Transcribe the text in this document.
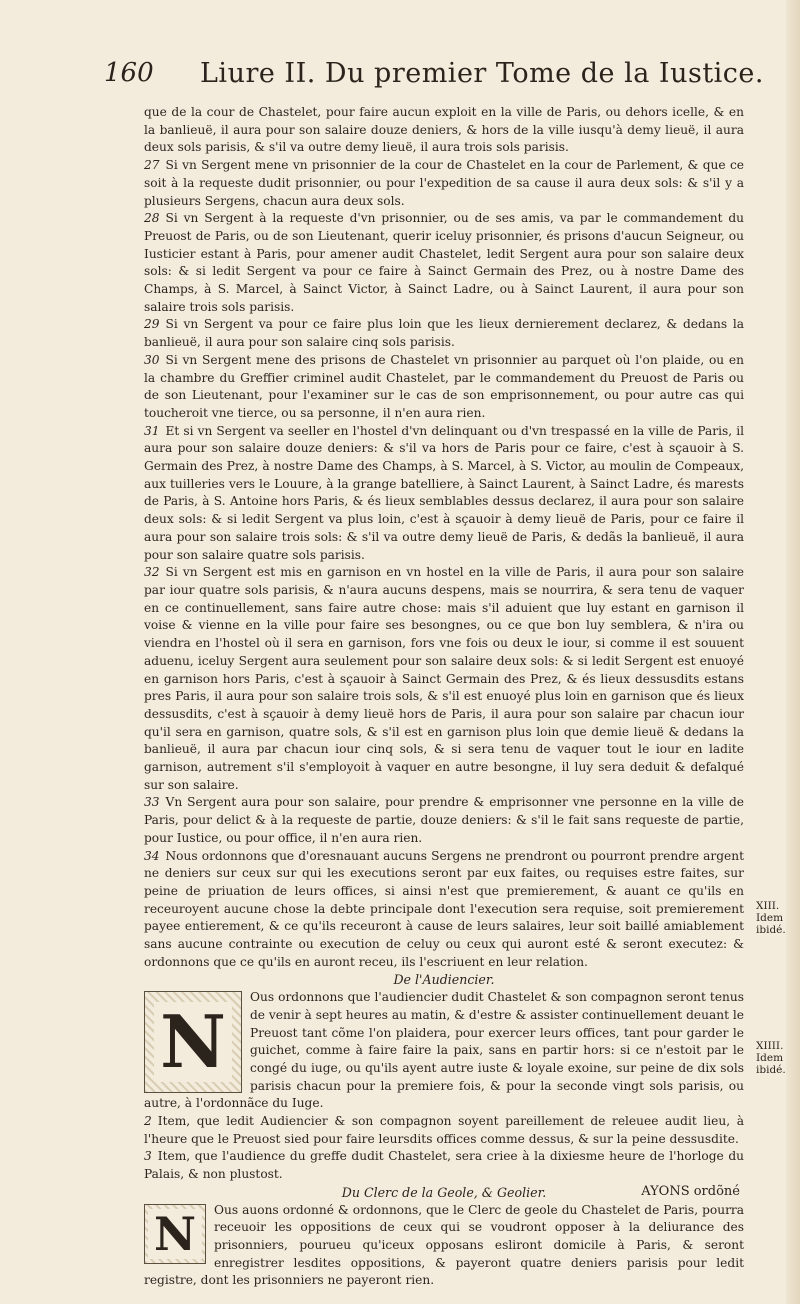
160 Liure II. Du premier Tome de la Iustice.

que de la cour de Chastelet, pour faire aucun exploit en la ville de Paris, ou dehors icelle, & en la banlieuë, il aura pour son salaire douze deniers, & hors de la ville iusqu'à demy lieuë, il aura deux sols parisis, & s'il va outre demy lieuë, il aura trois sols parisis.

27 Si vn Sergent mene vn prisonnier de la cour de Chastelet en la cour de Parlement, & que ce soit à la requeste dudit prisonnier, ou pour l'expedition de sa cause il aura deux sols: & s'il y a plusieurs Sergens, chacun aura deux sols.

28 Si vn Sergent à la requeste d'vn prisonnier, ou de ses amis, va par le commandement du Preuost de Paris, ou de son Lieutenant, querir iceluy prisonnier, és prisons d'aucun Seigneur, ou Iusticier estant à Paris, pour amener audit Chastelet, ledit Sergent aura pour son salaire deux sols: & si ledit Sergent va pour ce faire à Sainct Germain des Prez, ou à nostre Dame des Champs, à S. Marcel, à Sainct Victor, à Sainct Ladre, ou à Sainct Laurent, il aura pour son salaire trois sols parisis.

29 Si vn Sergent va pour ce faire plus loin que les lieux dernierement declarez, & dedans la banlieuë, il aura pour son salaire cinq sols parisis.

30 Si vn Sergent mene des prisons de Chastelet vn prisonnier au parquet où l'on plaide, ou en la chambre du Greffier criminel audit Chastelet, par le commandement du Preuost de Paris ou de son Lieutenant, pour l'examiner sur le cas de son emprisonnement, ou pour autre cas qui toucheroit vne tierce, ou sa personne, il n'en aura rien.

31 Et si vn Sergent va seeller en l'hostel d'vn delinquant ou d'vn trespassé en la ville de Paris, il aura pour son salaire douze deniers: & s'il va hors de Paris pour ce faire, c'est à sçauoir à S. Germain des Prez, à nostre Dame des Champs, à S. Marcel, à S. Victor, au moulin de Compeaux, aux tuilleries vers le Louure, à la grange batelliere, à Sainct Laurent, à Sainct Ladre, és marests de Paris, à S. Antoine hors Paris, & és lieux semblables dessus declarez, il aura pour son salaire deux sols: & si ledit Sergent va plus loin, c'est à sçauoir à demy lieuë de Paris, pour ce faire il aura pour son salaire trois sols: & s'il va outre demy lieuë de Paris, & dedãs la banlieuë, il aura pour son salaire quatre sols parisis.

32 Si vn Sergent est mis en garnison en vn hostel en la ville de Paris, il aura pour son salaire par iour quatre sols parisis, & n'aura aucuns despens, mais se nourrira, & sera tenu de vaquer en ce continuellement, sans faire autre chose: mais s'il aduient que luy estant en garnison il voise & vienne en la ville pour faire ses besongnes, ou ce que bon luy semblera, & n'ira ou viendra en l'hostel où il sera en garnison, fors vne fois ou deux le iour, si comme il est souuent aduenu, iceluy Sergent aura seulement pour son salaire deux sols: & si ledit Sergent est enuoyé en garnison hors Paris, c'est à sçauoir à Sainct Germain des Prez, & és lieux dessusdits estans pres Paris, il aura pour son salaire trois sols, & s'il est enuoyé plus loin en garnison que és lieux dessusdits, c'est à sçauoir à demy lieuë hors de Paris, il aura pour son salaire par chacun iour qu'il sera en garnison, quatre sols, & s'il est en garnison plus loin que demie lieuë & dedans la banlieuë, il aura par chacun iour cinq sols, & si sera tenu de vaquer tout le iour en ladite garnison, autrement s'il s'employoit à vaquer en autre besongne, il luy sera deduit & defalqué sur son salaire.

33 Vn Sergent aura pour son salaire, pour prendre & emprisonner vne personne en la ville de Paris, pour delict & à la requeste de partie, douze deniers: & s'il le fait sans requeste de partie, pour Iustice, ou pour office, il n'en aura rien.

34 Nous ordonnons que d'oresnauant aucuns Sergens ne prendront ou pourront prendre argent ne deniers sur ceux sur qui les executions seront par eux faites, ou requises estre faites, sur peine de priuation de leurs offices, si ainsi n'est que premierement, & auant ce qu'ils en receuroyent aucune chose la debte principale dont l'execution sera requise, soit premierement payee entierement, & ce qu'ils receuront à cause de leurs salaires, leur soit baillé amiablement sans aucune contrainte ou execution de celuy ou ceux qui auront esté & seront executez: & ordonnons que ce qu'ils en auront receu, ils l'escriuent en leur relation.

De l'Audiencier.

N

Ous ordonnons que l'audiencier dudit Chastelet & son compagnon seront tenus de venir à sept heures au matin, & d'estre & assister continuellement deuant le Preuost tant cõme l'on plaidera, pour exercer leurs offices, tant pour garder le guichet, comme à faire faire la paix, sans en partir hors: si ce n'estoit par le congé du iuge, ou qu'ils ayent autre iuste & loyale exoine, sur peine de dix sols parisis chacun pour la premiere fois, & pour la seconde vingt sols parisis, ou autre, à l'ordonnãce du Iuge.

2 Item, que ledit Audiencier & son compagnon soyent pareillement de releuee audit lieu, à l'heure que le Preuost sied pour faire leursdits offices comme dessus, & sur la peine dessusdite.

3 Item, que l'audience du greffe dudit Chastelet, sera criee à la dixiesme heure de l'horloge du Palais, & non plustost.

Du Clerc de la Geole, & Geolier.

N	Ous auons ordonné & ordonnons, que le Clerc de geole du Chastelet de Paris, pourra receuoir les oppositions de ceux qui se voudront opposer à la deliurance des prisonniers, pourueu qu'iceux opposans esliront domicile à Paris, & seront enregistrer lesdites oppositions, & payeront quatre deniers parisis pour ledit registre, dont les prisonniers ne payeront rien.

XIII. Idem ibidé.
XIIII. Idem ibidé.
AYONS ordõné
